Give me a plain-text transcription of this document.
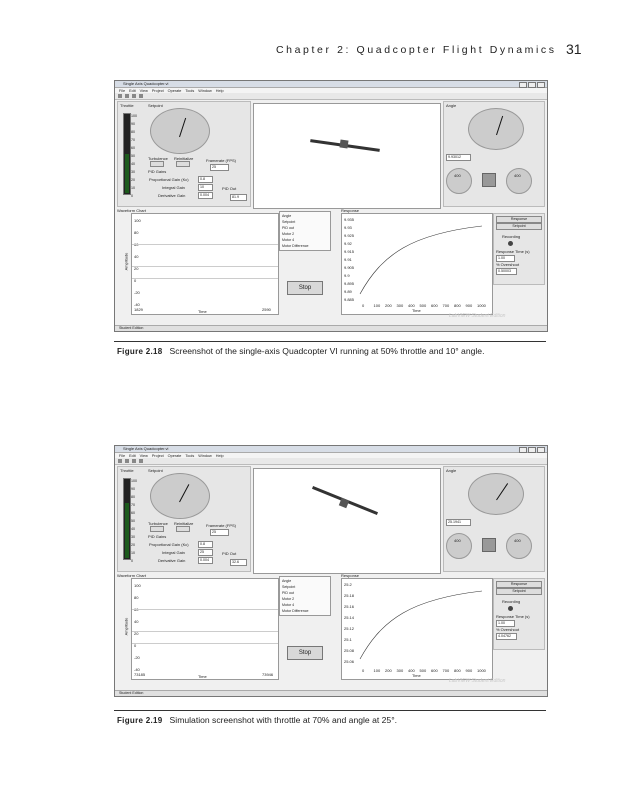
Chapter 2: Quadcopter Flight Dynamics 31
Single Axis Quadcopter.vi
File Edit View Project Operate Tools Window Help
Throttle
100
90
80
70
60
50
40
30
20
10
0
Setpoint
Turbulence Reinitialize	Framerate (FPS)
25
PID Gains
Proportional Gain (Kc)	0.8
Integral Gain	10
Derivative Gain	0.004
PID Out
81.9
Angle
9.93012
400	400
Waveform Chart
100
80
60
40
20
0
-20
-40
1829	2590
Time
Amplitude
Angle
Setpoint
PID out
Motor 2
Motor 4
Motor Difference
Stop
Response
9.935
9.93
9.925
9.92
9.915
9.91
9.905
9.9
9.895
9.89
9.885
0 100 200 300 400 500 600 700 800 900 1000
Time
Response
Setpoint
Recording
Response Time (s)
1.00
% Overshoot
0.50003
LabVIEW Student Edition
Student Edition
Figure 2.18 Screenshot of the single-axis Quadcopter VI running at 50% throttle and 10° angle.
Single Axis Quadcopter.vi
File Edit View Project Operate Tools Window Help
Throttle
100
90
80
70
60
50
40
30
20
10
0
Setpoint
Turbulence Reinitialize	Framerate (FPS)
25
PID Gains
Proportional Gain (Kc)	0.8
Integral Gain	25
Derivative Gain	0.004
PID Out
32.6
Angle
25.1941
400	400
Waveform Chart
100
80
60
40
20
0
-20
-40
73185	73946
Time
Amplitude
Angle
Setpoint
PID out
Motor 2
Motor 4
Motor Difference
Stop
Response
25.2
25.18
25.16
25.14
25.12
25.1
25.08
25.06
0 100 200 300 400 500 600 700 800 900 1000
Time
Response
Setpoint
Recording
Response Time (s)
1.00
% Overshoot
4.04762
LabVIEW Student Edition
Student Edition
Figure 2.19 Simulation screenshot with throttle at 70% and angle at 25°.
